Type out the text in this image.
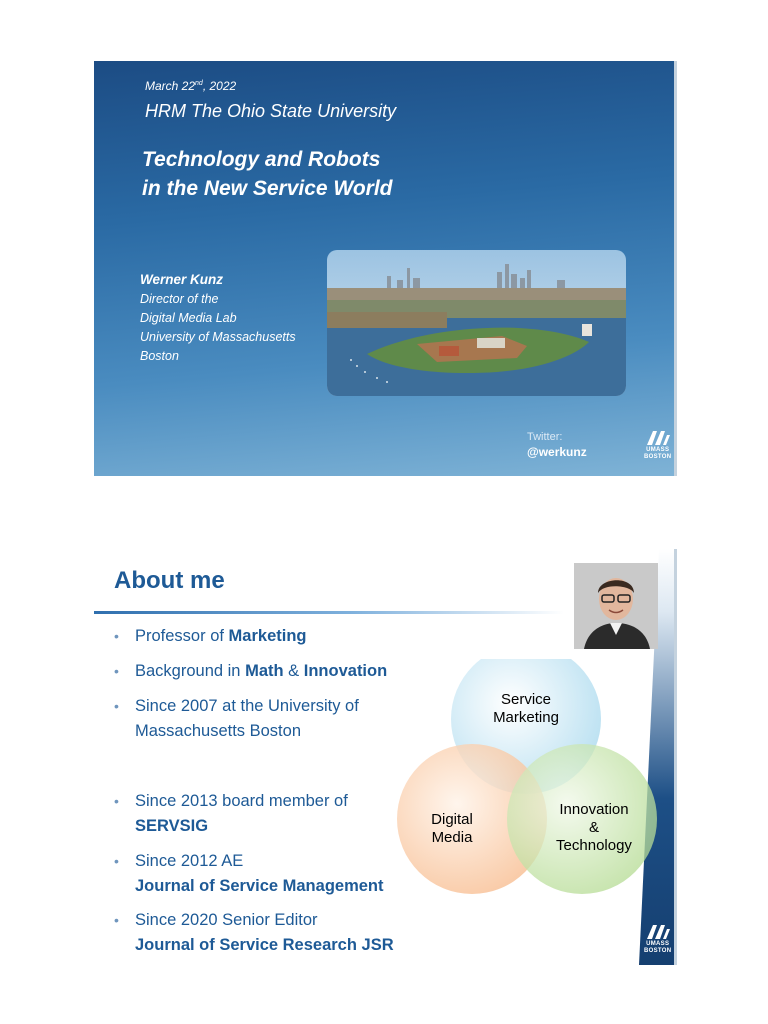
March 22nd, 2022
HRM The Ohio State University
Technology and Robots
in the New Service World
Werner Kunz
Director of the
Digital Media Lab
University of Massachusetts
Boston
Twitter:
@werkunz	UMASS
BOSTON
About me
• Professor of Marketing
• Background in Math & Innovation
• Since 2007 at the University of Massachusetts Boston
• Since 2013 board member of
SERVSIG
• Since 2012 AE
Journal of Service Management
• Since 2020 Senior Editor
Journal of Service Research JSR
Service
Marketing
Digital
Media
Innovation
&
Technology
UMASS
BOSTON
